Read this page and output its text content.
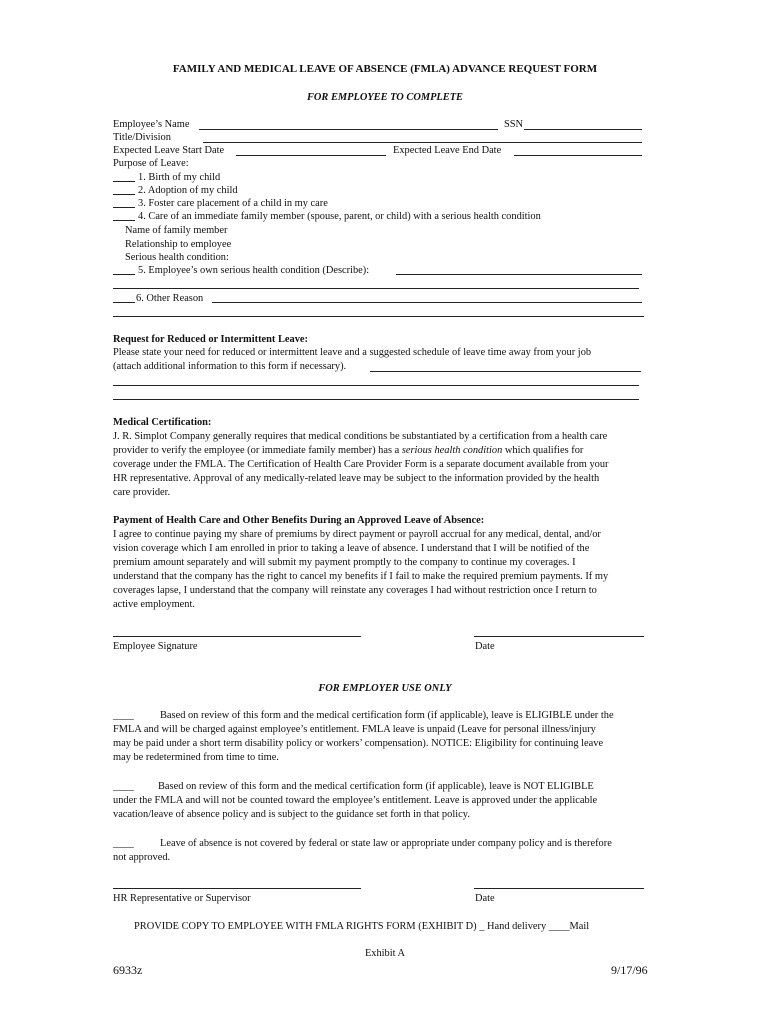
FAMILY AND MEDICAL LEAVE OF ABSENCE (FMLA) ADVANCE REQUEST FORM
FOR EMPLOYEE TO COMPLETE
Employee’s Name	SSN
Title/Division
Expected Leave Start Date	Expected Leave End Date
Purpose of Leave:
1. Birth of my child
2. Adoption of my child
3. Foster care placement of a child in my care
4. Care of an immediate family member (spouse, parent, or child) with a serious health condition
Name of family member
Relationship to employee
Serious health condition:
5. Employee’s own serious health condition (Describe):
6. Other Reason
Request for Reduced or Intermittent Leave:
Please state your need for reduced or intermittent leave and a suggested schedule of leave time away from your job
(attach additional information to this form if necessary).
Medical Certification:
J. R. Simplot Company generally requires that medical conditions be substantiated by a certification from a health care
provider to verify the employee (or immediate family member) has a serious health condition which qualifies for
coverage under the FMLA. The Certification of Health Care Provider Form is a separate document available from your
HR representative. Approval of any medically-related leave may be subject to the information provided by the health
care provider.
Payment of Health Care and Other Benefits During an Approved Leave of Absence:
I agree to continue paying my share of premiums by direct payment or payroll accrual for any medical, dental, and/or
vision coverage which I am enrolled in prior to taking a leave of absence. I understand that I will be notified of the
premium amount separately and will submit my payment promptly to the company to continue my coverages. I
understand that the company has the right to cancel my benefits if I fail to make the required premium payments. If my
coverages lapse, I understand that the company will reinstate any coverages I had without restriction once I return to
active employment.
Employee Signature	Date
FOR EMPLOYER USE ONLY
____	Based on review of this form and the medical certification form (if applicable), leave is ELIGIBLE under the
FMLA and will be charged against employee’s entitlement. FMLA leave is unpaid (Leave for personal illness/injury
may be paid under a short term disability policy or workers’ compensation). NOTICE: Eligibility for continuing leave
may be redetermined from time to time.
____ Based on review of this form and the medical certification form (if applicable), leave is NOT ELIGIBLE
under the FMLA and will not be counted toward the employee’s entitlement. Leave is approved under the applicable
vacation/leave of absence policy and is subject to the guidance set forth in that policy.
____	Leave of absence is not covered by federal or state law or appropriate under company policy and is therefore
not approved.
HR Representative or Supervisor	Date
PROVIDE COPY TO EMPLOYEE WITH FMLA RIGHTS FORM (EXHIBIT D) _ Hand delivery ____Mail
Exhibit A
6933z	9/17/96
